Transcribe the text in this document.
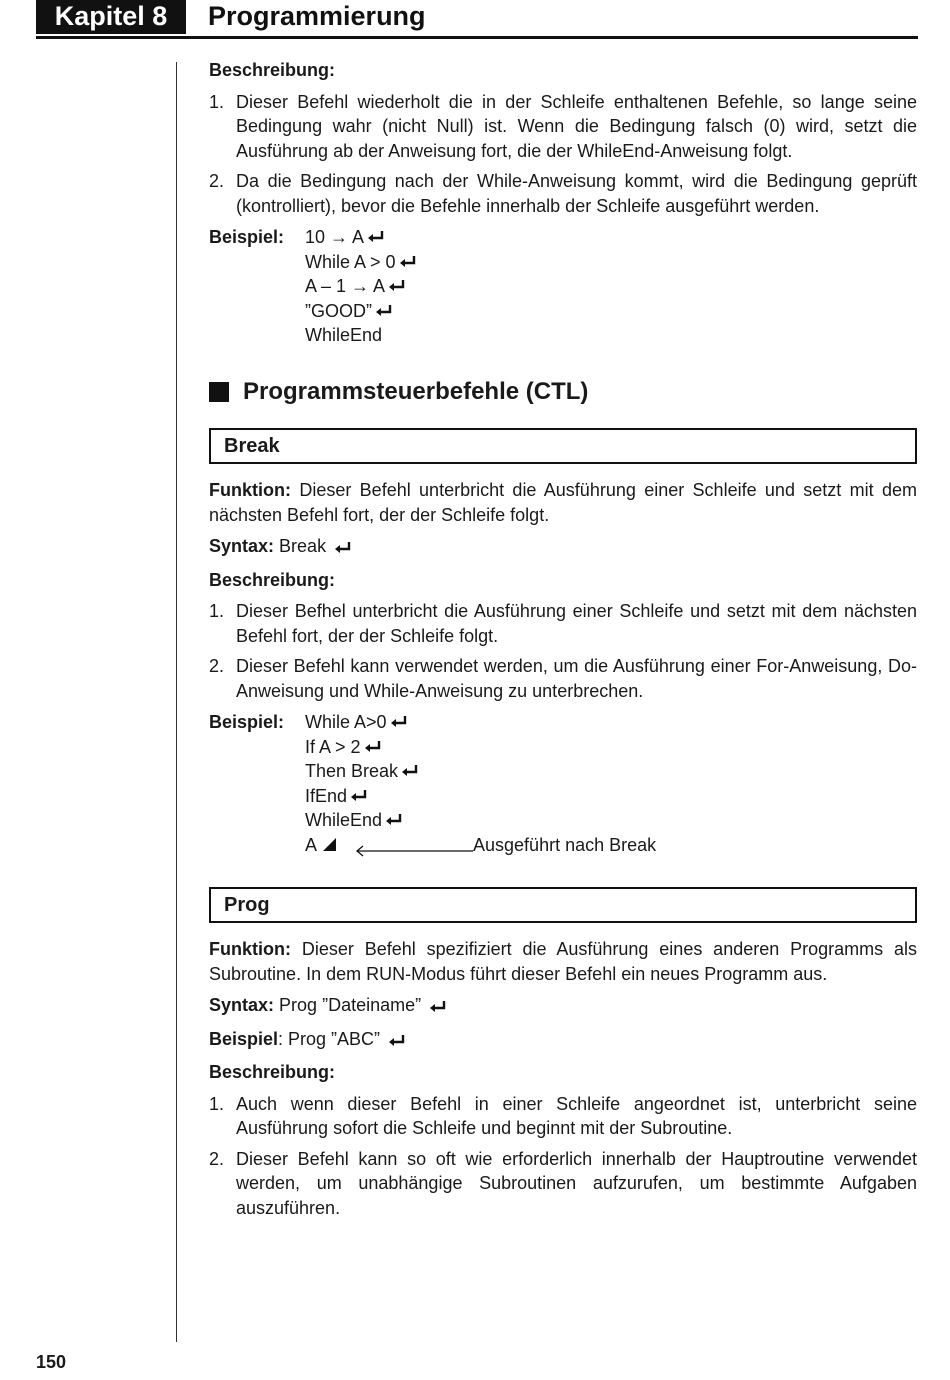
Kapitel 8	Programmierung
Beschreibung:
1. Dieser Befehl wiederholt die in der Schleife enthaltenen Befehle, so lange seine Bedingung wahr (nicht Null) ist. Wenn die Bedingung falsch (0) wird, setzt die Ausführung ab der Anweisung fort, die der WhileEnd-Anweisung folgt.
2. Da die Bedingung nach der While-Anweisung kommt, wird die Bedingung geprüft (kontrolliert), bevor die Befehle innerhalb der Schleife ausgeführt werden.
Beispiel:	10 → A
While A > 0
A – 1 → A
”GOOD”
WhileEnd
Programmsteuerbefehle (CTL)
Break
Funktion: Dieser Befehl unterbricht die Ausführung einer Schleife und setzt mit dem nächsten Befehl fort, der der Schleife folgt.
Syntax: Break
Beschreibung:
1. Dieser Befhel unterbricht die Ausführung einer Schleife und setzt mit dem nächsten Befehl fort, der der Schleife folgt.
2. Dieser Befehl kann verwendet werden, um die Ausführung einer For-Anweisung, Do-Anweisung und While-Anweisung zu unterbrechen.
Beispiel:	While A>0
If A > 2
Then Break
IfEnd
WhileEnd
A	Ausgeführt nach Break
Prog
Funktion: Dieser Befehl spezifiziert die Ausführung eines anderen Programms als Subroutine. In dem RUN-Modus führt dieser Befehl ein neues Programm aus.
Syntax: Prog ”Dateiname”
Beispiel: Prog ”ABC”
Beschreibung:
1. Auch wenn dieser Befehl in einer Schleife angeordnet ist, unterbricht seine Ausführung sofort die Schleife und beginnt mit der Subroutine.
2. Dieser Befehl kann so oft wie erforderlich innerhalb der Hauptroutine verwendet werden, um unabhängige Subroutinen aufzurufen, um bestimmte Aufgaben auszuführen.
150
